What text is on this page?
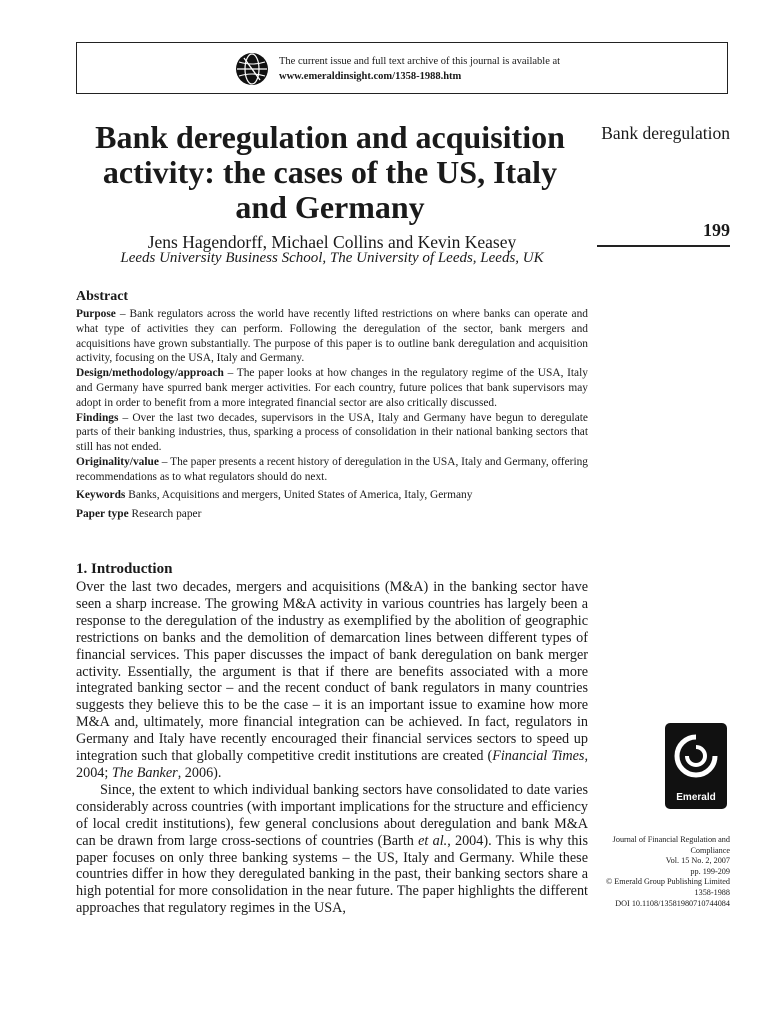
The current issue and full text archive of this journal is available at
www.emeraldinsight.com/1358-1988.htm
Bank deregulation and acquisition activity: the cases of the US, Italy and Germany
Jens Hagendorff, Michael Collins and Kevin Keasey
Leeds University Business School, The University of Leeds, Leeds, UK
Bank deregulation
199
Abstract

Purpose – Bank regulators across the world have recently lifted restrictions on where banks can operate and what type of activities they can perform. Following the deregulation of the sector, bank mergers and acquisitions have grown substantially. The purpose of this paper is to outline bank deregulation and acquisition activity, focusing on the USA, Italy and Germany.

Design/methodology/approach – The paper looks at how changes in the regulatory regime of the USA, Italy and Germany have spurred bank merger activities. For each country, future polices that bank supervisors may adopt in order to benefit from a more integrated financial sector are also critically discussed.

Findings – Over the last two decades, supervisors in the USA, Italy and Germany have begun to deregulate parts of their banking industries, thus, sparking a process of consolidation in their national banking sectors that still has not ended.

Originality/value – The paper presents a recent history of deregulation in the USA, Italy and Germany, offering recommendations as to what regulators should do next.

Keywords Banks, Acquisitions and mergers, United States of America, Italy, Germany

Paper type Research paper

1. Introduction

Over the last two decades, mergers and acquisitions (M&A) in the banking sector have seen a sharp increase. The growing M&A activity in various countries has largely been a response to the deregulation of the industry as exemplified by the abolition of geographic restrictions on banks and the demolition of demarcation lines between different types of financial services. This paper discusses the impact of bank deregulation on bank merger activity. Essentially, the argument is that if there are benefits associated with a more integrated banking sector – and the recent conduct of bank regulators in many countries suggests they believe this to be the case – it is an important issue to examine how more M&A and, ultimately, more financial integration can be achieved. In fact, regulators in Germany and Italy have recently encouraged their financial services sectors to speed up integration such that globally competitive credit institutions are created (Financial Times, 2004; The Banker, 2006).

Since, the extent to which individual banking sectors have consolidated to date varies considerably across countries (with important implications for the structure and efficiency of local credit institutions), few general conclusions about deregulation and bank M&A can be drawn from large cross-sections of countries (Barth et al., 2004). This is why this paper focuses on only three banking systems – the US, Italy and Germany. While these countries differ in how they deregulated banking in the past, their banking sectors share a high potential for more consolidation in the near future. The paper highlights the different approaches that regulatory regimes in the USA,

Emerald
Journal of Financial Regulation and Compliance
Vol. 15 No. 2, 2007
pp. 199-209
© Emerald Group Publishing Limited
1358-1988
DOI 10.1108/13581980710744084
